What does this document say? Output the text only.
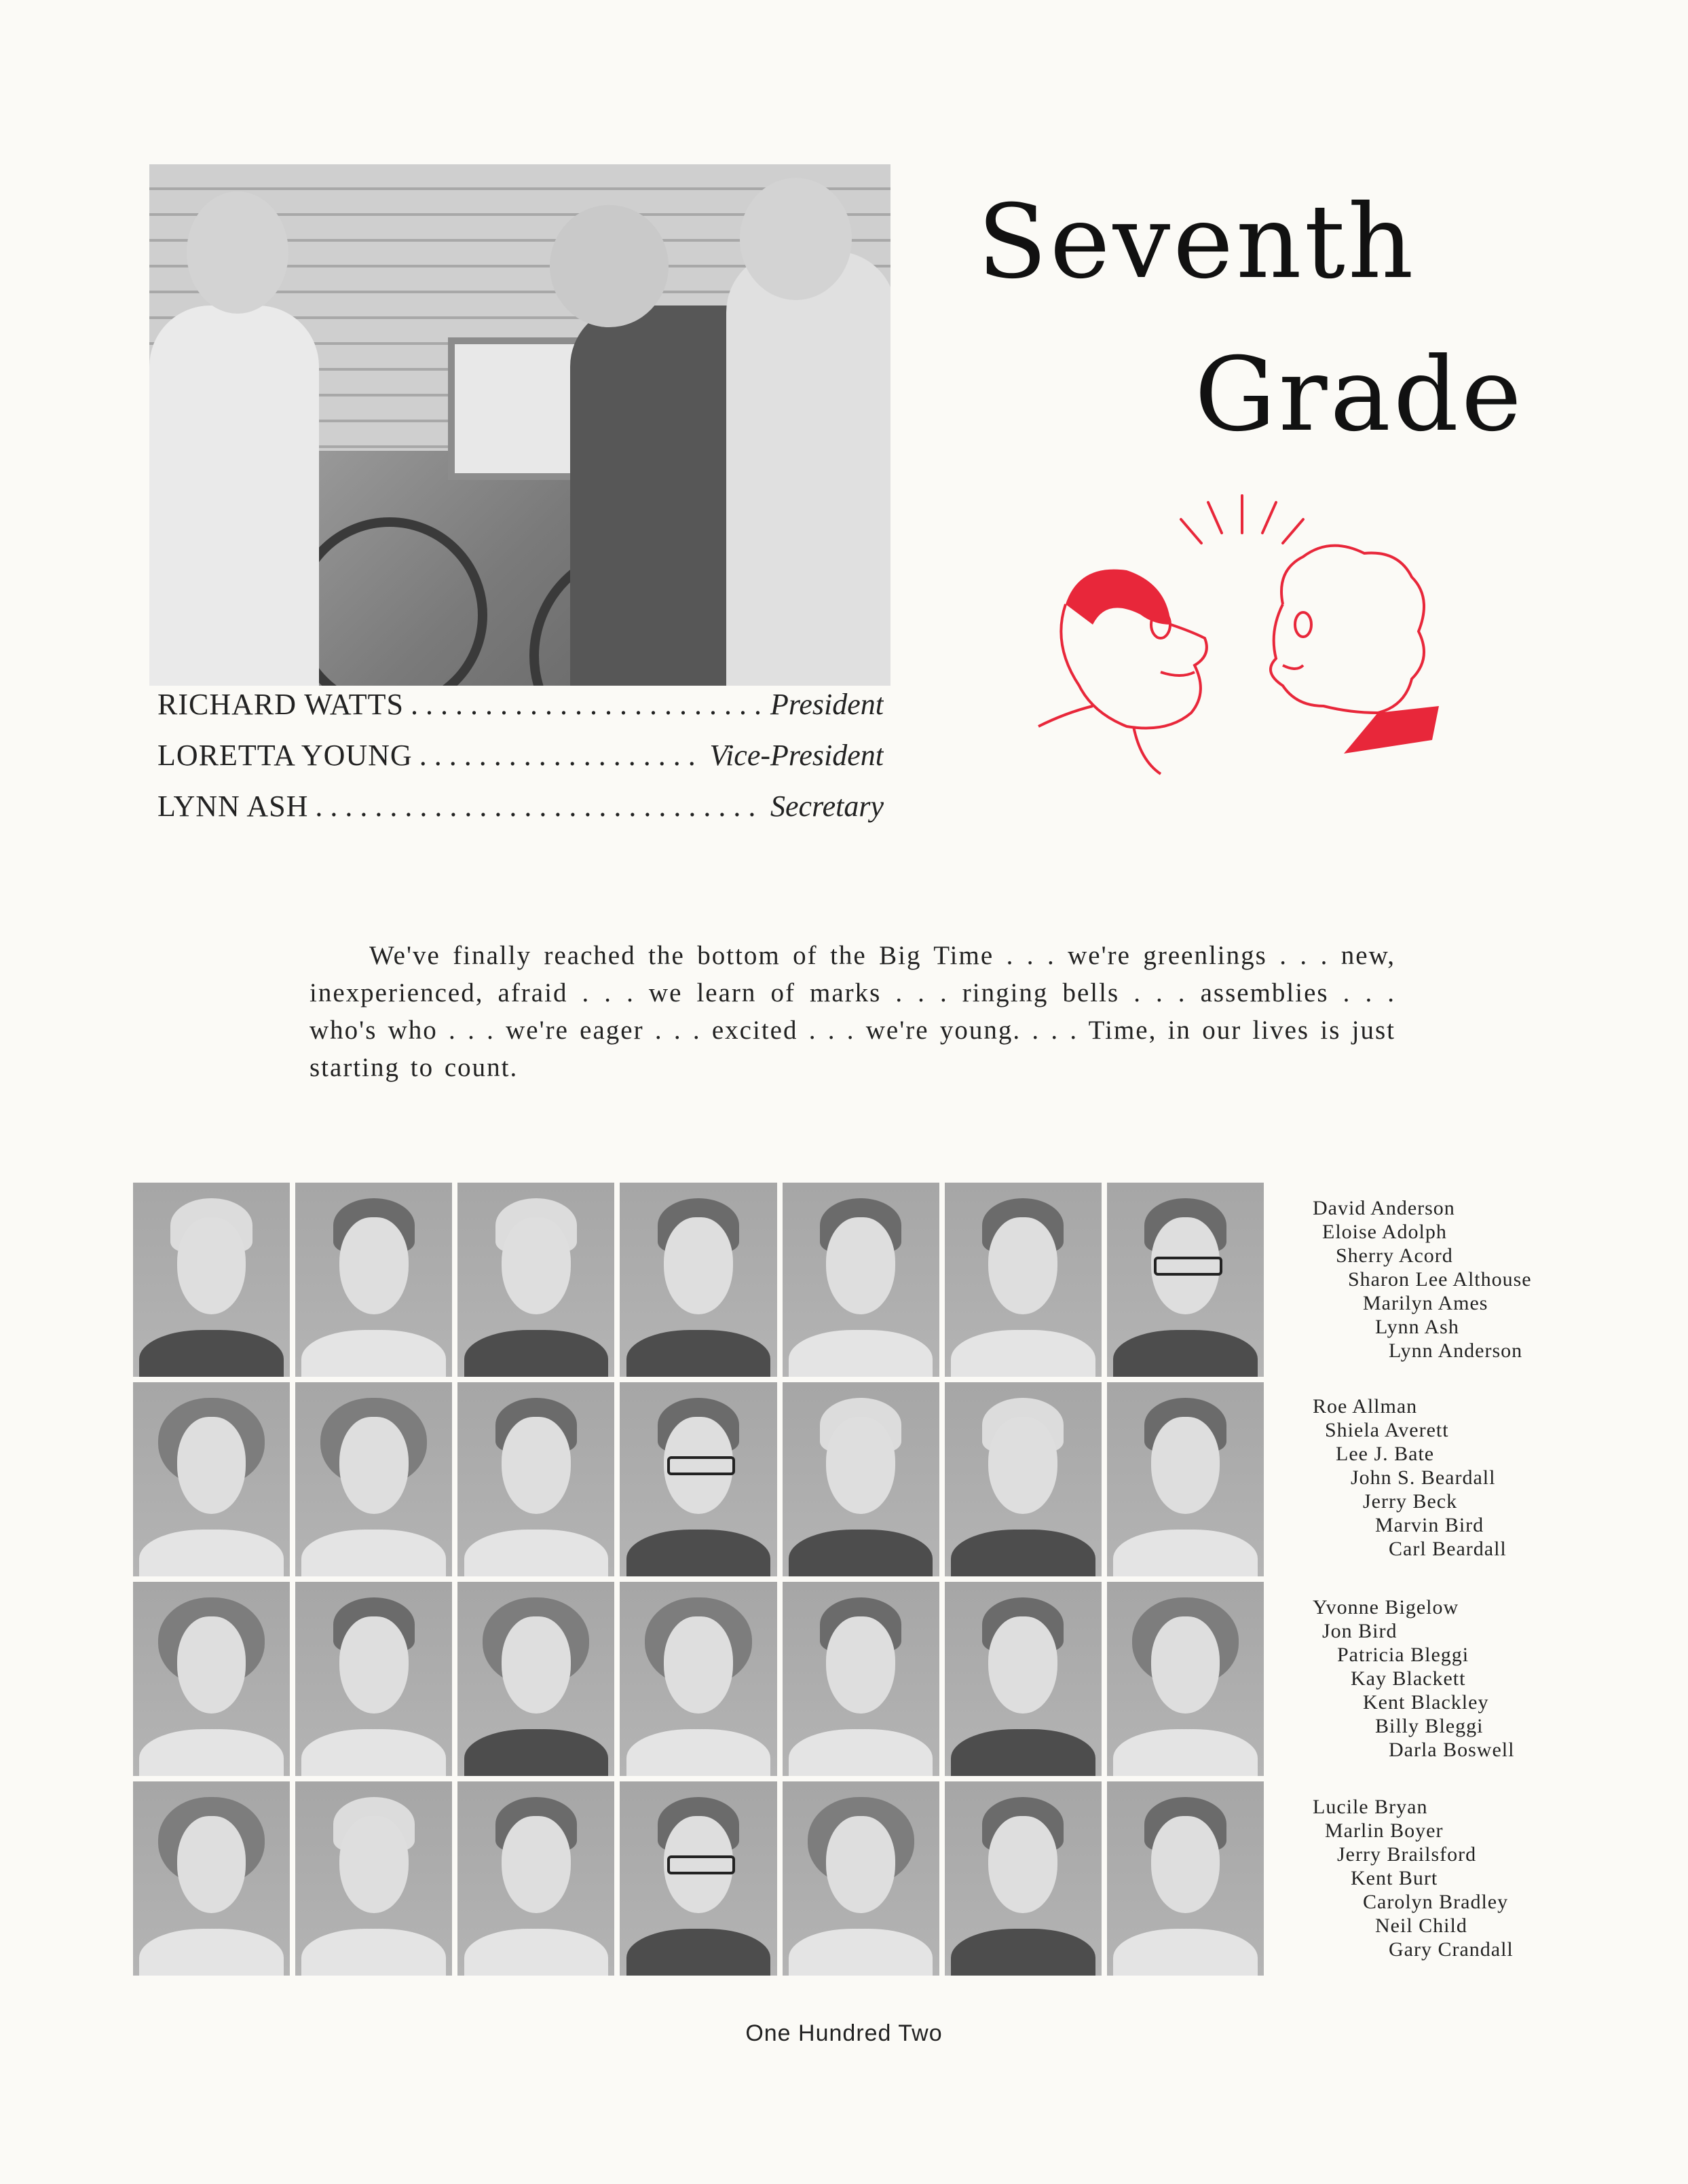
Seventh
Grade
RICHARD WATTS . . .	President
LORETTA YOUNG . . .	Vice-President
LYNN ASH . . .	Secretary
We've finally reached the bottom of the Big Time . . . we're greenlings . . . new, inexperienced, afraid . . . we learn of marks . . . ringing bells . . . assemblies . . . who's who . . . we're eager . . . excited . . . we're young. . . . Time, in our lives is just starting to count.
David Anderson
Eloise Adolph
Sherry Acord
Sharon Lee Althouse
Marilyn Ames
Lynn Ash
Lynn Anderson
Roe Allman
Shiela Averett
Lee J. Bate
John S. Beardall
Jerry Beck
Marvin Bird
Carl Beardall
Yvonne Bigelow
Jon Bird
Patricia Bleggi
Kay Blackett
Kent Blackley
Billy Bleggi
Darla Boswell
Lucile Bryan
Marlin Boyer
Jerry Brailsford
Kent Burt
Carolyn Bradley
Neil Child
Gary Crandall
One Hundred Two
